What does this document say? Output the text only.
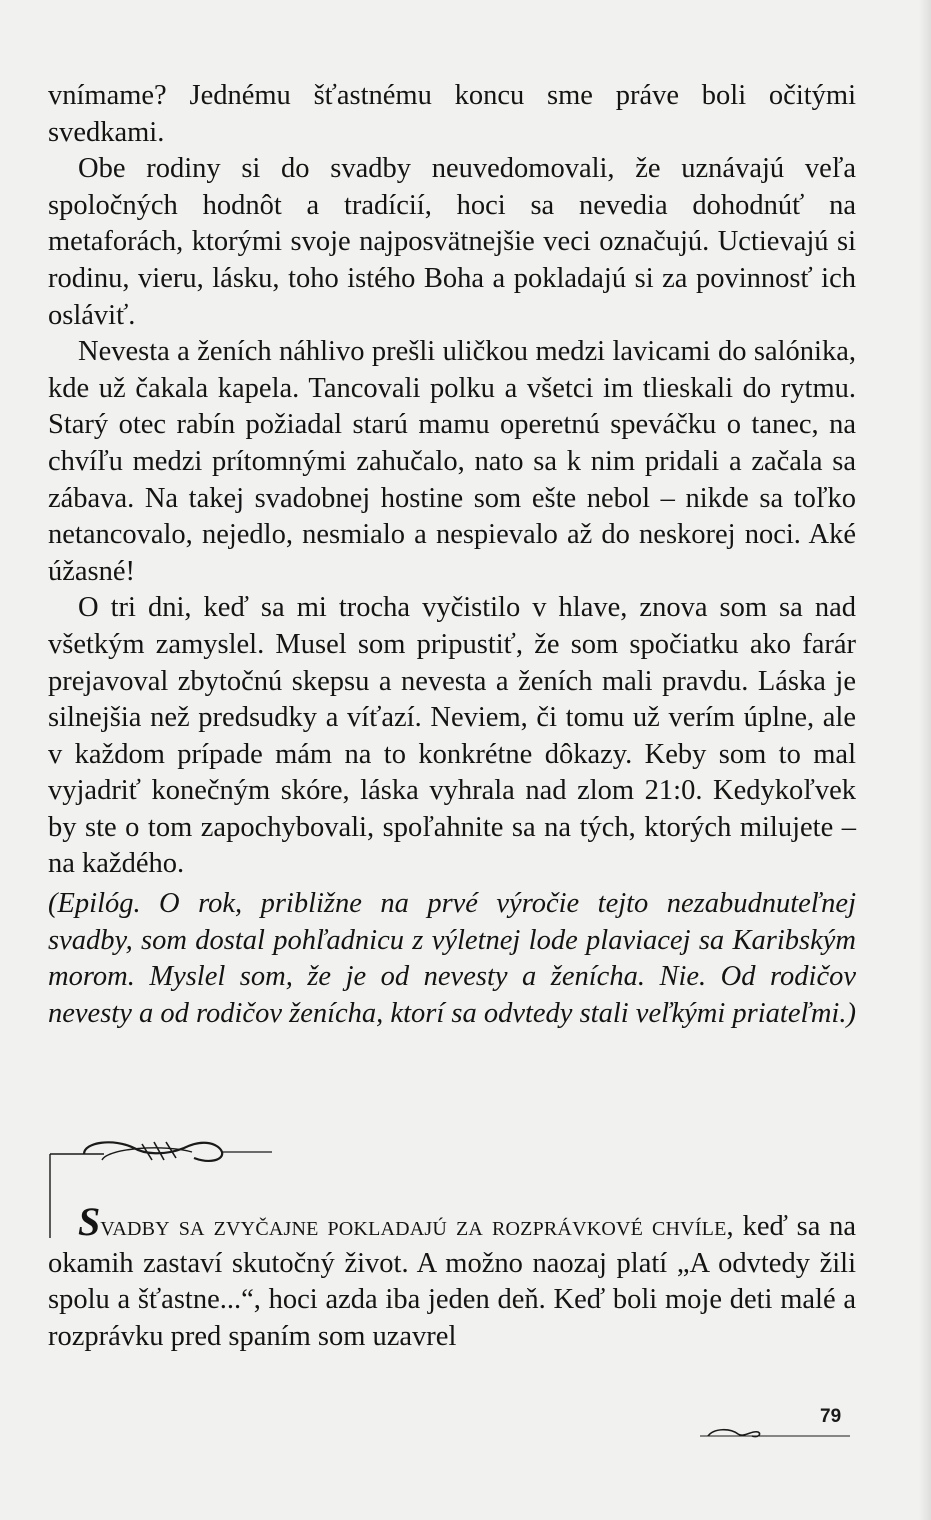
vnímame? Jednému šťastnému koncu sme práve boli očitými svedkami.

Obe rodiny si do svadby neuvedomovali, že uznávajú veľa spoločných hodnôt a tradícií, hoci sa nevedia dohodnúť na metaforách, ktorými svoje najposvätnejšie veci označujú. Uctievajú si rodinu, vieru, lásku, toho istého Boha a pokladajú si za povinnosť ich osláviť.

Nevesta a ženích náhlivo prešli uličkou medzi lavicami do salónika, kde už čakala kapela. Tancovali polku a všetci im tlieskali do rytmu. Starý otec rabín požiadal starú mamu operetnú speváčku o tanec, na chvíľu medzi prítomnými zahučalo, nato sa k nim pridali a začala sa zábava. Na takej svadobnej hostine som ešte nebol – nikde sa toľko netancovalo, nejedlo, nesmialo a nespievalo až do neskorej noci. Aké úžasné!

O tri dni, keď sa mi trocha vyčistilo v hlave, znova som sa nad všetkým zamyslel. Musel som pripustiť, že som spočiatku ako farár prejavoval zbytočnú skepsu a nevesta a ženích mali pravdu. Láska je silnejšia než predsudky a víťazí. Neviem, či tomu už verím úplne, ale v každom prípade mám na to konkrétne dôkazy. Keby som to mal vyjadriť konečným skóre, láska vyhrala nad zlom 21:0. Kedykoľvek by ste o tom zapochybovali, spoľahnite sa na tých, ktorých milujete – na každého.

(Epilóg. O rok, približne na prvé výročie tejto nezabudnuteľnej svadby, som dostal pohľadnicu z výletnej lode plaviacej sa Karibským morom. Myslel som, že je od nevesty a ženícha. Nie. Od rodičov nevesty a od rodičov ženícha, ktorí sa odvtedy stali veľkými priateľmi.)
Svadby sa zvyčajne pokladajú za rozprávkové chvíle, keď sa na okamih zastaví skutočný život. A možno naozaj platí „A odvtedy žili spolu a šťastne...“, hoci azda iba jeden deň. Keď boli moje deti malé a rozprávku pred spaním som uzavrel
79
